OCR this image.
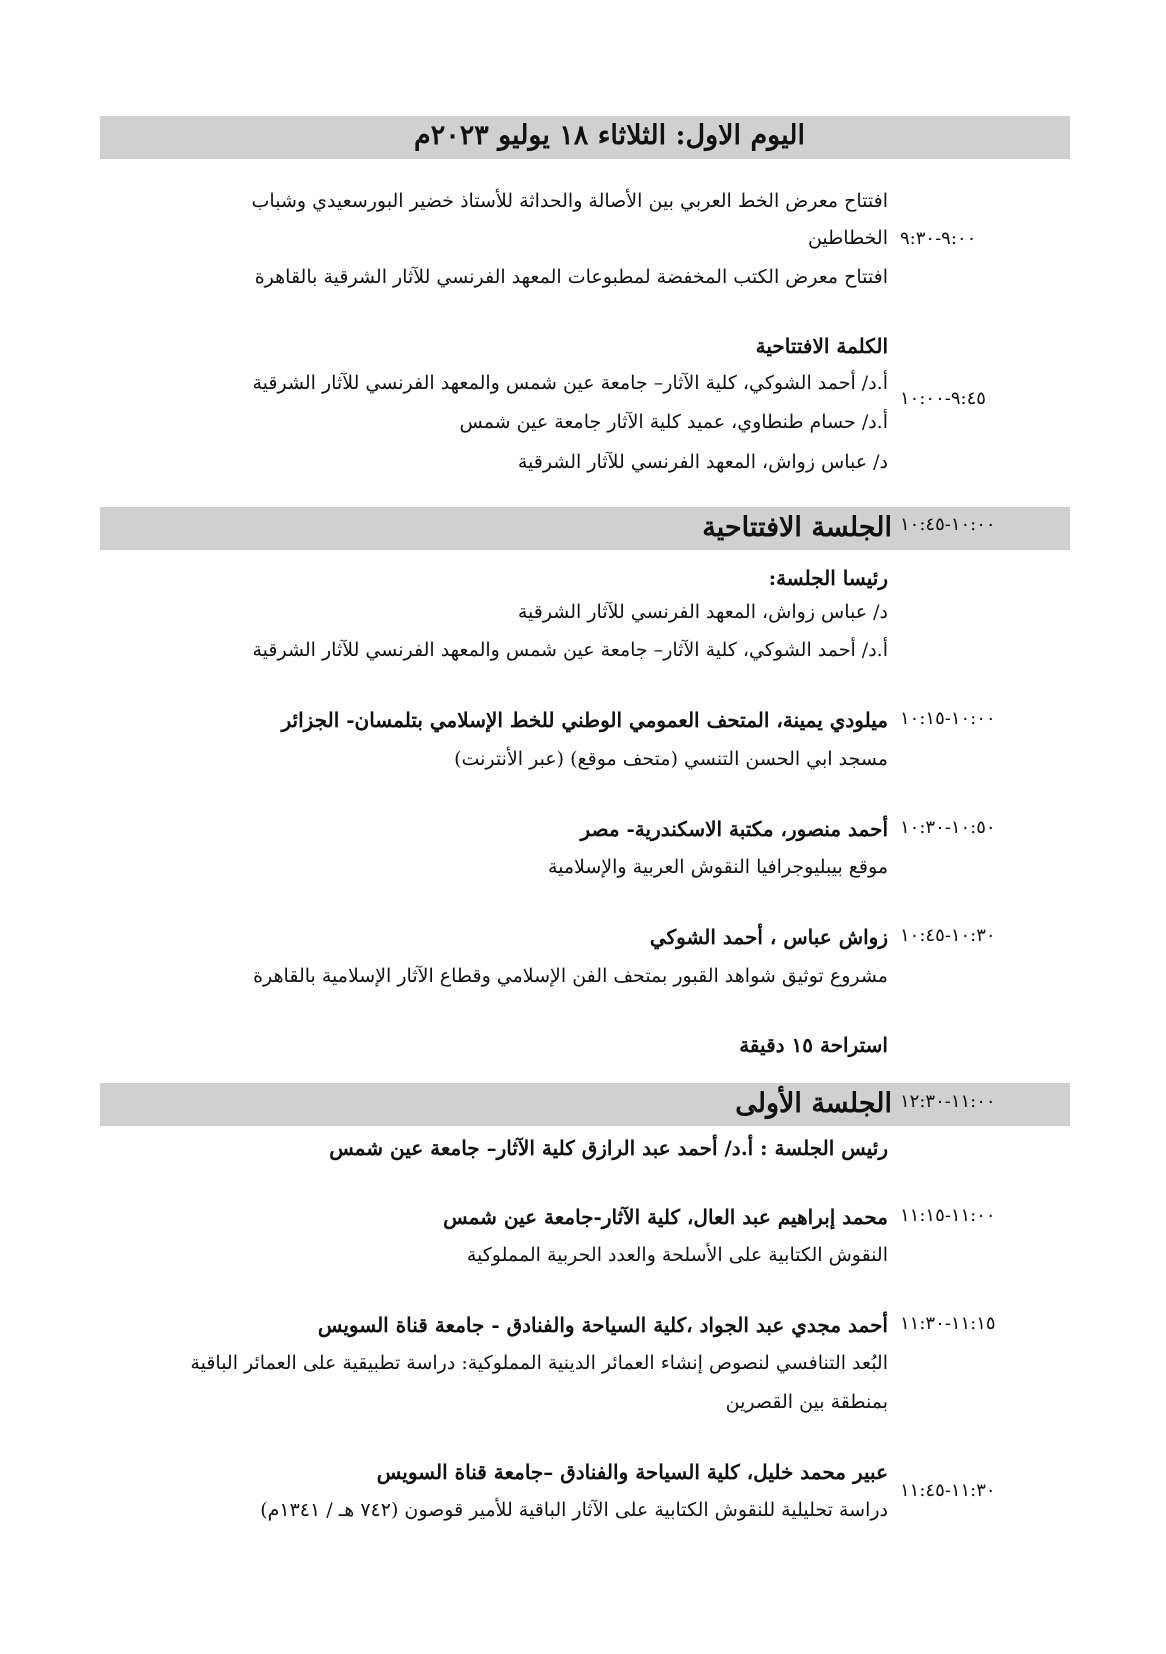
اليوم الاول: الثلاثاء ١٨ يوليو ٢٠٢٣م
افتتاح معرض الخط العربي بين الأصالة والحداثة للأستاذ خضير البورسعيدي وشباب
الخطاطين
افتتاح معرض الكتب المخفضة لمطبوعات المعهد الفرنسي للآثار الشرقية بالقاهرة
٩:٠٠-٩:٣٠
الكلمة الافتتاحية
أ.د/ أحمد الشوكي، كلية الآثار– جامعة عين شمس والمعهد الفرنسي للآثار الشرقية
أ.د/ حسام طنطاوي، عميد كلية الآثار جامعة عين شمس
د/ عباس زواش، المعهد الفرنسي للآثار الشرقية
٩:٤٥-١٠:٠٠
الجلسة الافتتاحية ١٠:٠٠-١٠:٤٥
رئيسا الجلسة:
د/ عباس زواش، المعهد الفرنسي للآثار الشرقية
أ.د/ أحمد الشوكي، كلية الآثار– جامعة عين شمس والمعهد الفرنسي للآثار الشرقية
ميلودي يمينة، المتحف العمومي الوطني للخط الإسلامي بتلمسان- الجزائر
مسجد ابي الحسن التنسي (متحف موقع) (عبر الأنترنت)
١٠:٠٠-١٠:١٥
أحمد منصور، مكتبة الاسكندرية- مصر
موقع بيبليوجرافيا النقوش العربية والإسلامية
١٠:٥٠-١٠:٣٠
زواش عباس ، أحمد الشوكي
مشروع توثيق شواهد القبور بمتحف الفن الإسلامي وقطاع الآثار الإسلامية بالقاهرة
١٠:٣٠-١٠:٤٥
استراحة ١٥ دقيقة
الجلسة الأولى ١١:٠٠-١٢:٣٠
رئيس الجلسة : أ.د/ أحمد عبد الرازق كلية الآثار– جامعة عين شمس
محمد إبراهيم عبد العال، كلية الآثار-جامعة عين شمس
النقوش الكتابية على الأسلحة والعدد الحربية المملوكية
١١:٠٠-١١:١٥
أحمد مجدي عبد الجواد ،كلية السياحة والفنادق - جامعة قناة السويس
البُعد التنافسي لنصوص إنشاء العمائر الدينية المملوكية: دراسة تطبيقية على العمائر الباقية
بمنطقة بين القصرين
١١:١٥-١١:٣٠
عبير محمد خليل، كلية السياحة والفنادق –جامعة قناة السويس
دراسة تحليلية للنقوش الكتابية على الآثار الباقية للأمير قوصون (٧٤٢ هـ / ١٣٤١م)
١١:٣٠-١١:٤٥
